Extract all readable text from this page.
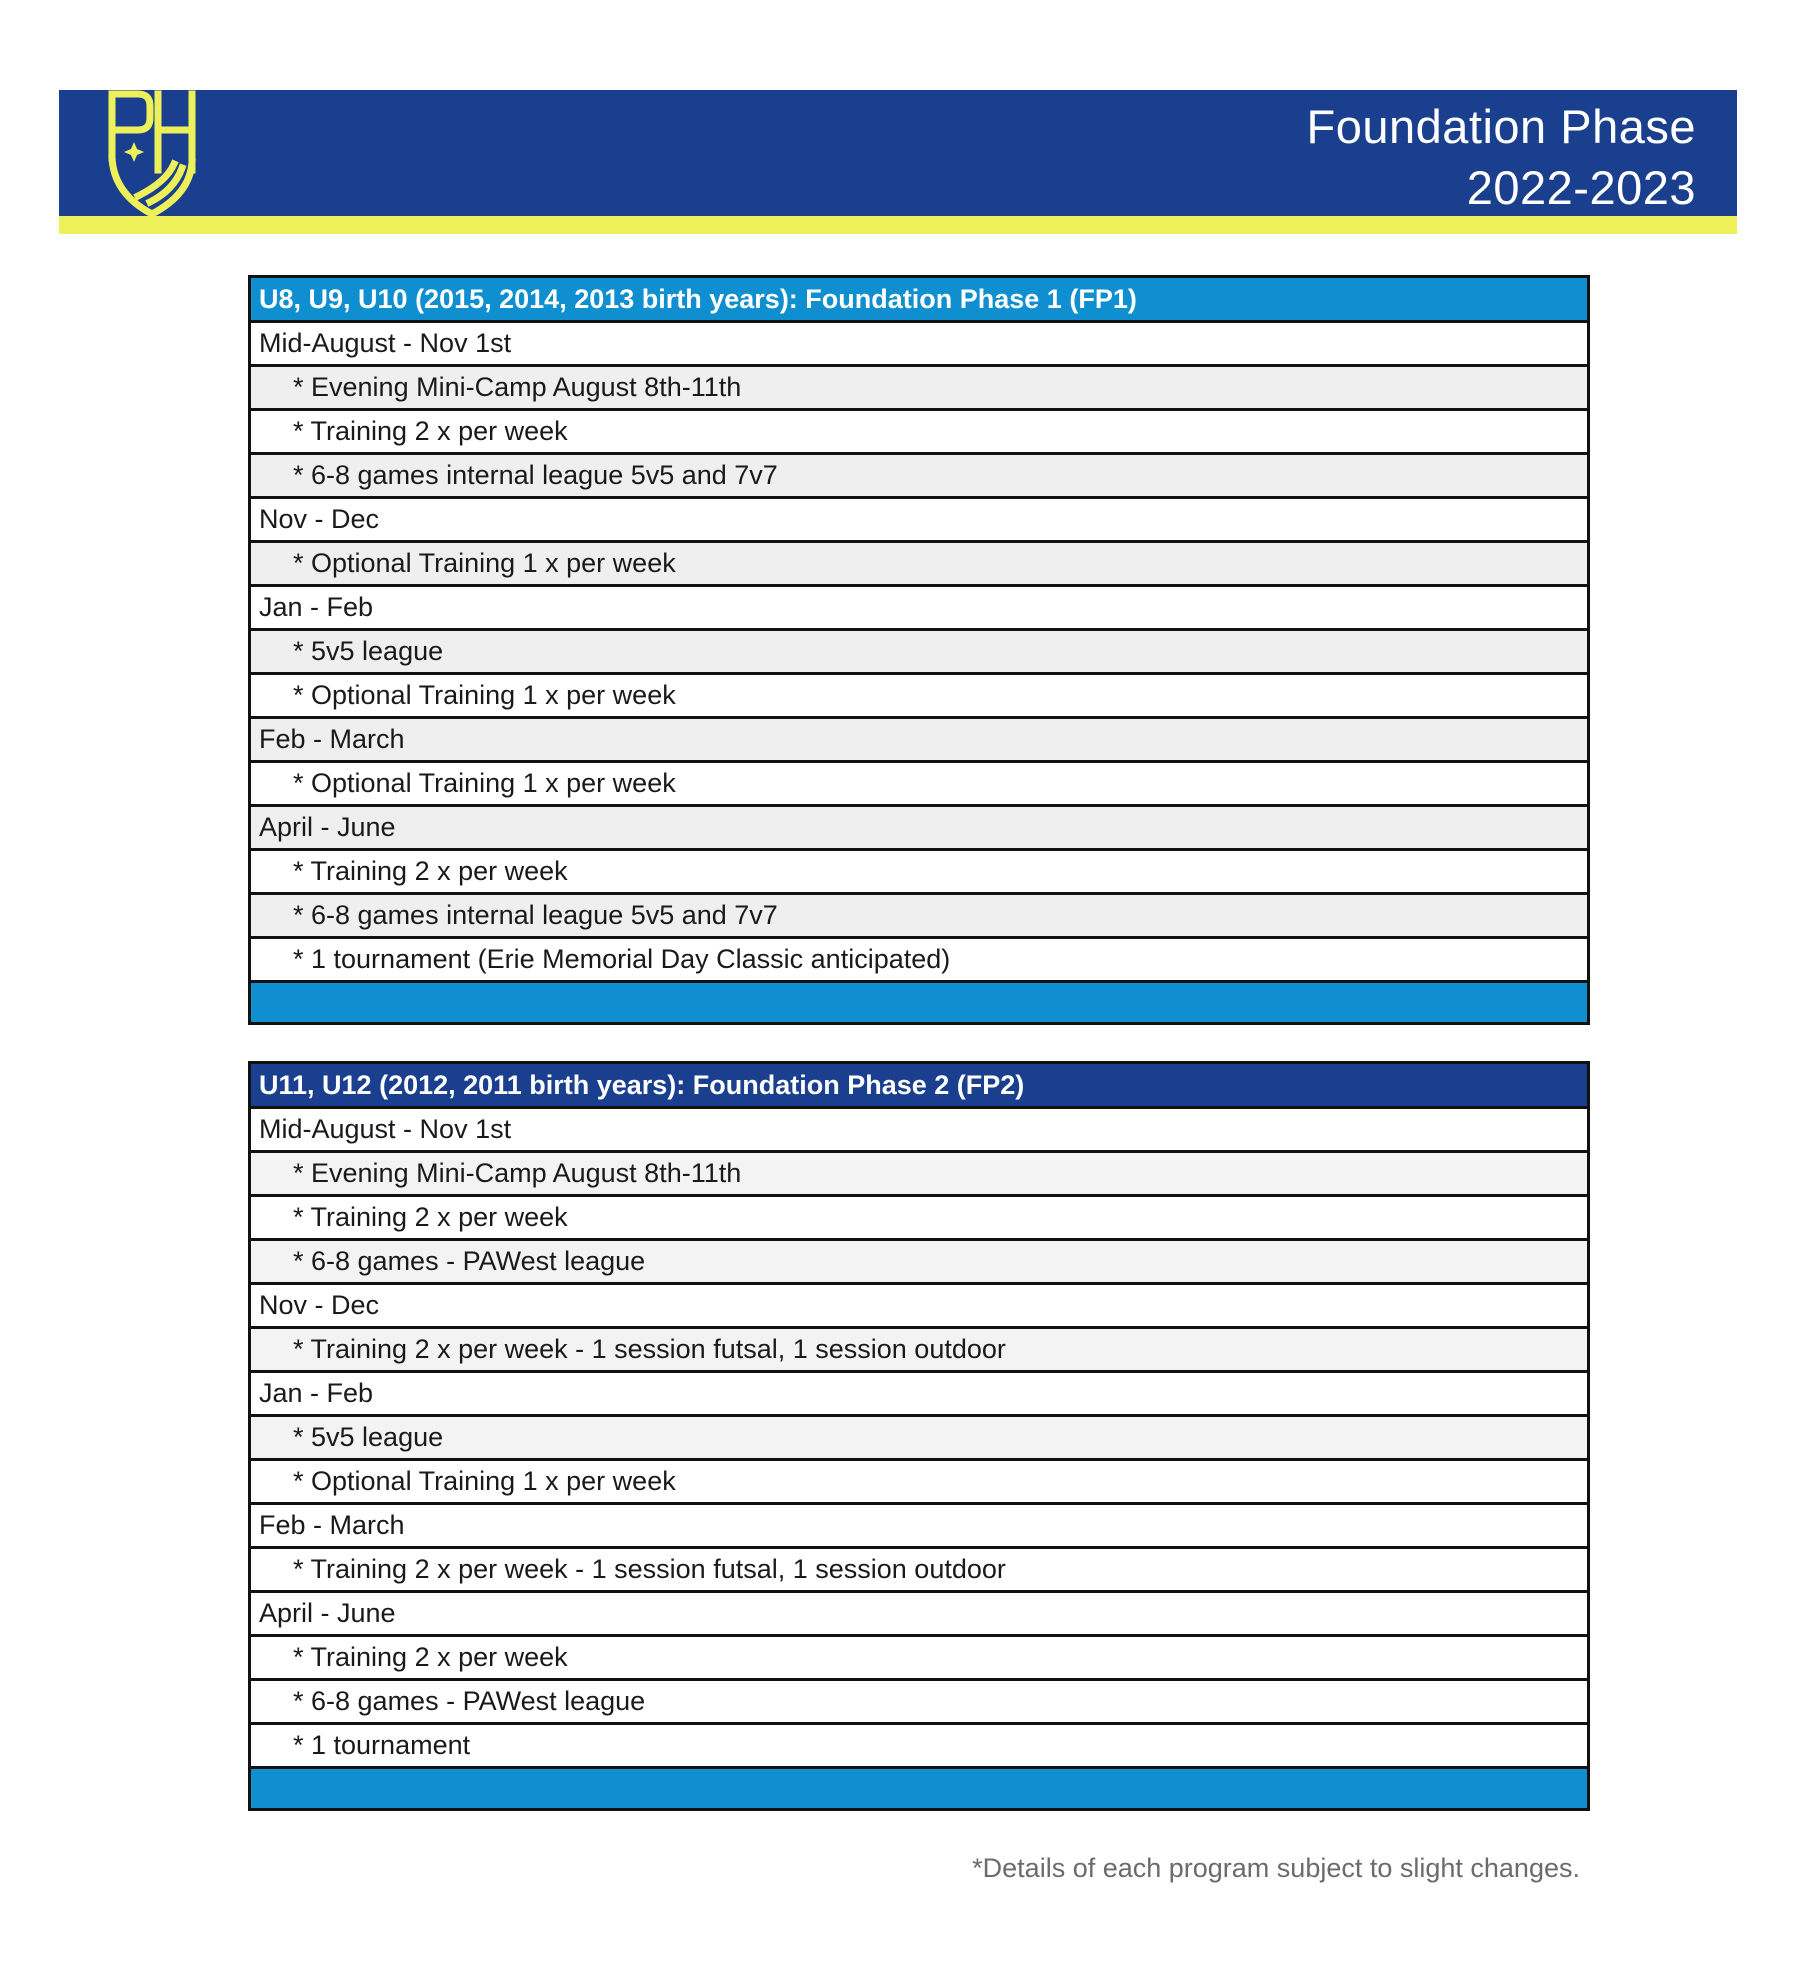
Foundation Phase
2022-2023
U8, U9, U10 (2015, 2014, 2013 birth years): Foundation Phase 1 (FP1)
Mid-August - Nov 1st
* Evening Mini-Camp August 8th-11th
* Training 2 x per week
* 6-8 games internal league 5v5 and 7v7
Nov - Dec
* Optional Training 1 x per week
Jan - Feb
* 5v5 league
* Optional Training 1 x per week
Feb - March
* Optional Training 1 x per week
April - June
* Training 2 x per week
* 6-8 games internal league 5v5 and 7v7
* 1 tournament (Erie Memorial Day Classic anticipated)
U11, U12 (2012, 2011 birth years): Foundation Phase 2 (FP2)
Mid-August - Nov 1st
* Evening Mini-Camp August 8th-11th
* Training 2 x per week
* 6-8 games - PAWest league
Nov - Dec
* Training 2 x per week - 1 session futsal, 1 session outdoor
Jan - Feb
* 5v5 league
* Optional Training 1 x per week
Feb - March
* Training 2 x per week - 1 session futsal, 1 session outdoor
April - June
* Training 2 x per week
* 6-8 games - PAWest league
* 1 tournament
*Details of each program subject to slight changes.
